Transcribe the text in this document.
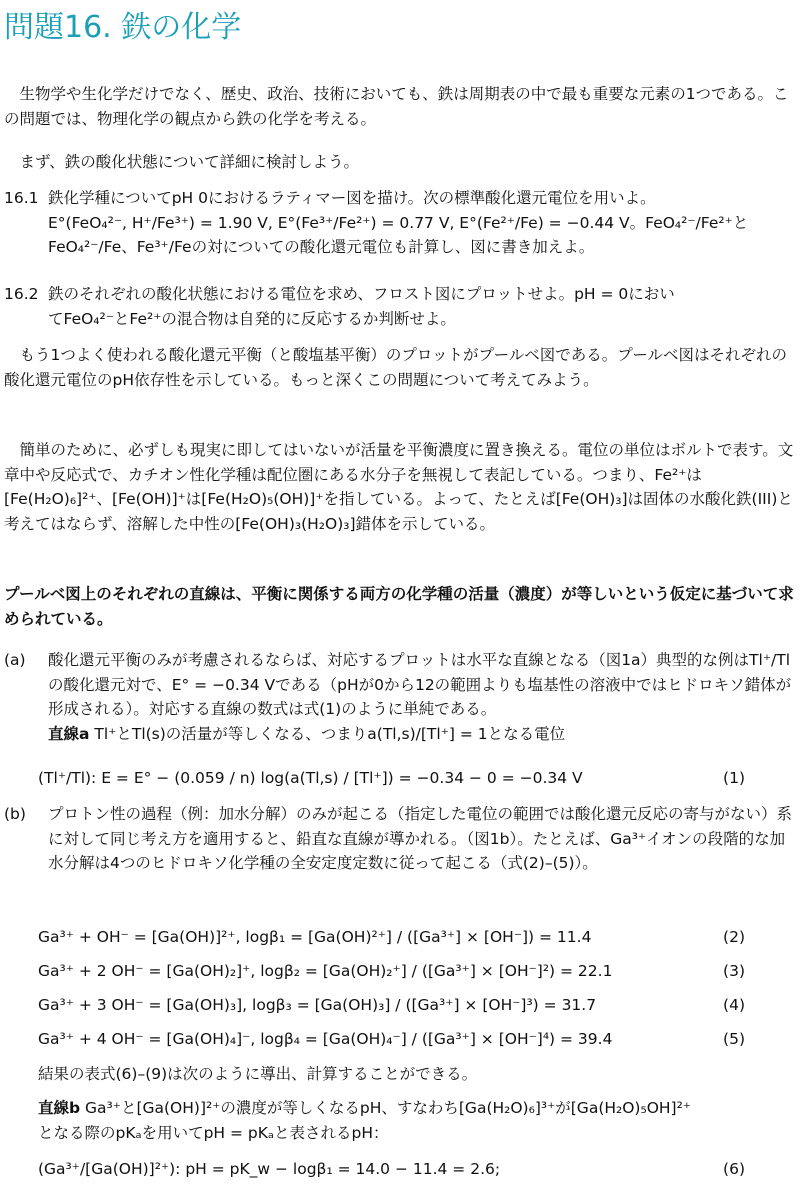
問題16. 鉄の化学
生物学や生化学だけでなく、歴史、政治、技術においても、鉄は周期表の中で最も重要な元素の1つである。この問題では、物理化学の観点から鉄の化学を考える。
まず、鉄の酸化状態について詳細に検討しよう。
16.1 鉄化学種についてpH 0におけるラティマー図を描け。次の標準酸化還元電位を用いよ。
E°(FeO₄²⁻, H⁺/Fe³⁺) = 1.90 V, E°(Fe³⁺/Fe²⁺) = 0.77 V, E°(Fe²⁺/Fe) = −0.44 V。FeO₄²⁻/Fe²⁺と
FeO₄²⁻/Fe、Fe³⁺/Feの対についての酸化還元電位も計算し、図に書き加えよ。
16.2 鉄のそれぞれの酸化状態における電位を求め、フロスト図にプロットせよ。pH = 0におい
てFeO₄²⁻とFe²⁺の混合物は自発的に反応するか判断せよ。
もう1つよく使われる酸化還元平衡（と酸塩基平衡）のプロットがプールベ図である。プールベ図はそれぞれの酸化還元電位のpH依存性を示している。もっと深くこの問題について考えてみよう。
簡単のために、必ずしも現実に即してはいないが活量を平衡濃度に置き換える。電位の単位はボルトで表す。文章中や反応式で、カチオン性化学種は配位圏にある水分子を無視して表記している。つまり、Fe²⁺は[Fe(H₂O)₆]²⁺、[Fe(OH)]⁺は[Fe(H₂O)₅(OH)]⁺を指している。よって、たとえば[Fe(OH)₃]は固体の水酸化鉄(III)と考えてはならず、溶解した中性の[Fe(OH)₃(H₂O)₃]錯体を示している。
プールベ図上のそれぞれの直線は、平衡に関係する両方の化学種の活量（濃度）が等しいという仮定に基づいて求められている。
(a) 酸化還元平衡のみが考慮されるならば、対応するプロットは水平な直線となる（図1a）典型的な例はTl⁺/Tlの酸化還元対で、E° = −0.34 Vである（pHが0から12の範囲よりも塩基性の溶液中ではヒドロキソ錯体が形成される）。対応する直線の数式は式(1)のように単純である。
直線a Tl⁺とTl(s)の活量が等しくなる、つまりa(Tl,s)/[Tl⁺] = 1となる電位
(Tl⁺/Tl): E = E° − (0.059 / n) log(a(Tl,s) / [Tl⁺]) = −0.34 − 0 = −0.34 V	(1)
(b) プロトン性の過程（例：加水分解）のみが起こる（指定した電位の範囲では酸化還元反応の寄与がない）系に対して同じ考え方を適用すると、鉛直な直線が導かれる。（図1b）。たとえば、Ga³⁺イオンの段階的な加水分解は4つのヒドロキソ化学種の全安定度定数に従って起こる（式(2)–(5)）。
Ga³⁺ + OH⁻ = [Ga(OH)]²⁺, logβ₁ = [Ga(OH)²⁺] / ([Ga³⁺] × [OH⁻]) = 11.4	(2)
Ga³⁺ + 2 OH⁻ = [Ga(OH)₂]⁺, logβ₂ = [Ga(OH)₂⁺] / ([Ga³⁺] × [OH⁻]²) = 22.1	(3)
Ga³⁺ + 3 OH⁻ = [Ga(OH)₃], logβ₃ = [Ga(OH)₃] / ([Ga³⁺] × [OH⁻]³) = 31.7	(4)
Ga³⁺ + 4 OH⁻ = [Ga(OH)₄]⁻, logβ₄ = [Ga(OH)₄⁻] / ([Ga³⁺] × [OH⁻]⁴) = 39.4	(5)
結果の表式(6)–(9)は次のように導出、計算することができる。
直線b Ga³⁺と[Ga(OH)]²⁺の濃度が等しくなるpH、すなわち[Ga(H₂O)₆]³⁺が[Ga(H₂O)₅OH]²⁺
となる際のpKₐを用いてpH = pKₐと表されるpH：
(Ga³⁺/[Ga(OH)]²⁺): pH = pK_w − logβ₁ = 14.0 − 11.4 = 2.6;	(6)
